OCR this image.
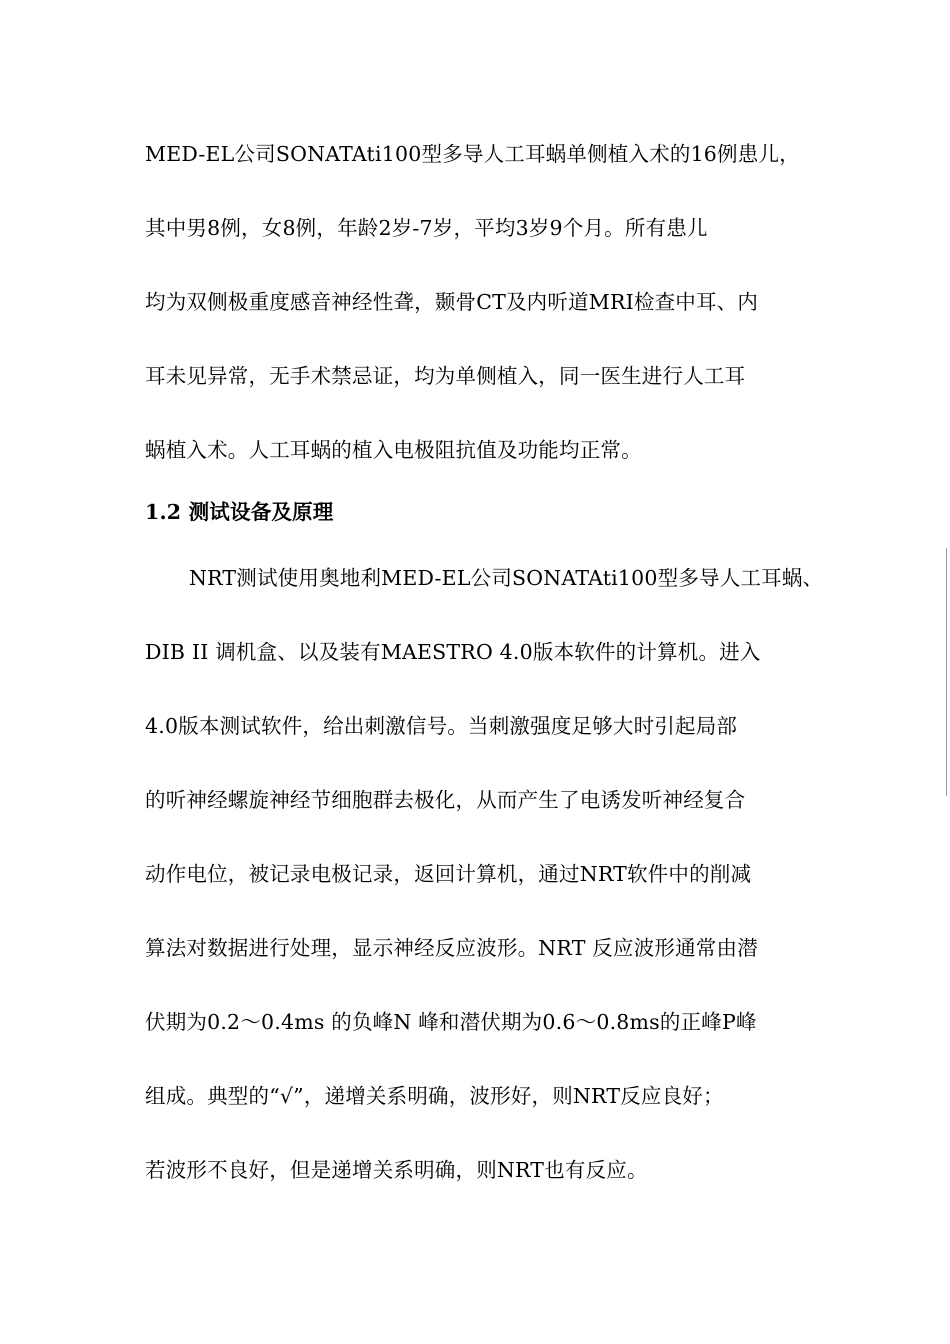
MED-EL公司SONATAti100型多导人工耳蜗单侧植入术的16例患儿，
其中男8例，女8例，年龄2岁-7岁，平均3岁9个月。所有患儿
均为双侧极重度感音神经性聋，颞骨CT及内听道MRI检查中耳、内
耳未见异常，无手术禁忌证，均为单侧植入，同一医生进行人工耳
蜗植入术。人工耳蜗的植入电极阻抗值及功能均正常。
1.2 测试设备及原理
NRT测试使用奥地利MED-EL公司SONATAti100型多导人工耳蜗、
DIB II 调机盒、以及装有MAESTRO 4.0版本软件的计算机。进入
4.0版本测试软件，给出刺激信号。当刺激强度足够大时引起局部
的听神经螺旋神经节细胞群去极化，从而产生了电诱发听神经复合
动作电位，被记录电极记录，返回计算机，通过NRT软件中的削减
算法对数据进行处理，显示神经反应波形。NRT 反应波形通常由潜
伏期为0.2～0.4ms 的负峰N 峰和潜伏期为0.6～0.8ms的正峰P峰
组成。典型的“√”，递增关系明确，波形好，则NRT反应良好；
若波形不良好，但是递增关系明确，则NRT也有反应。
